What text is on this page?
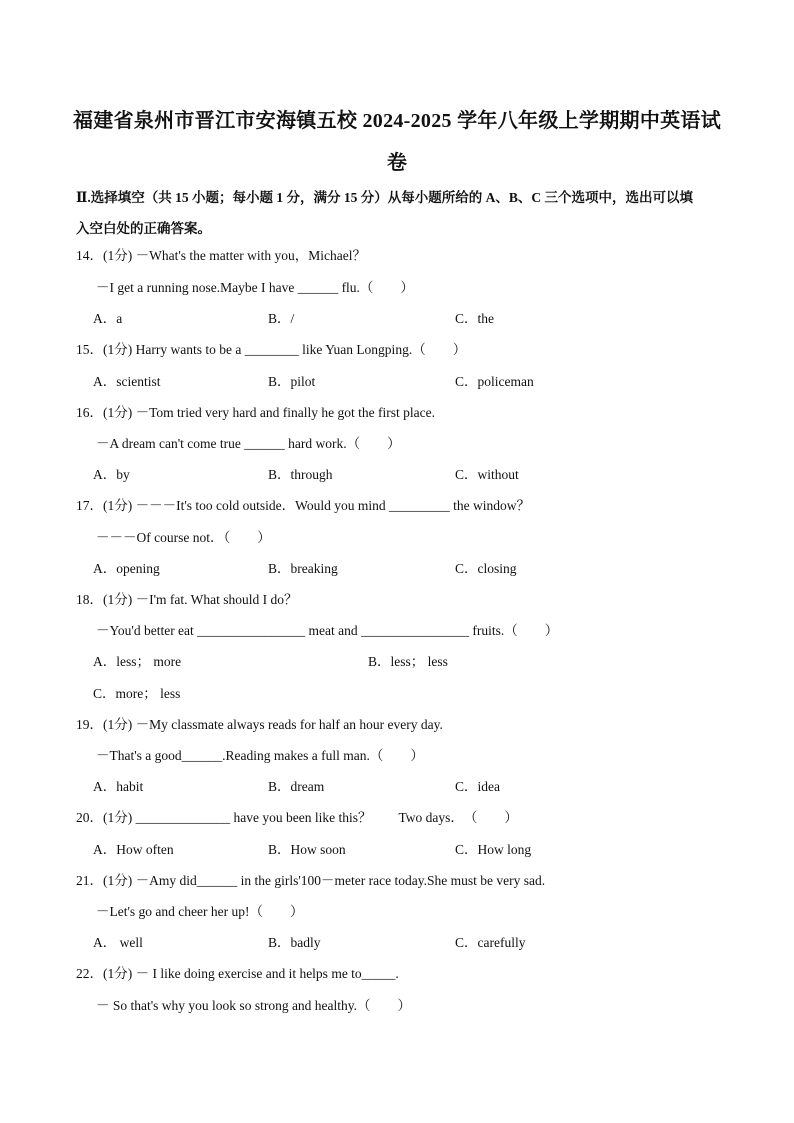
福建省泉州市晋江市安海镇五校 2024-2025 学年八年级上学期期中英语试
卷
Ⅱ.选择填空（共 15 小题；每小题 1 分，满分 15 分）从每小题所给的 A、B、C 三个选项中，选出可以填
入空白处的正确答案。
14．(1分) －What's the matter with you，Michael？
－I get a running nose.Maybe I have ______ flu.（　　）
A．a	B．/	C．the
15．(1分) Harry wants to be a ________ like Yuan Longping.（　　）
A．scientist	B．pilot	C．policeman
16．(1分) －Tom tried very hard and finally he got the first place.
－A dream can't come true ______ hard work.（　　）
A．by	B．through	C．without
17．(1分) －－－It's too cold outside．Would you mind _________ the window？
－－－Of course not．（　　）
A．opening	B．breaking	C．closing
18．(1分) －I'm fat. What should I do？
－You'd better eat ________________ meat and ________________ fruits.（　　）
A．less； more	B．less； less
C．more； less
19．(1分) －My classmate always reads for half an hour every day.
－That's a good______.Reading makes a full man.（　　）
A．habit	B．dream	C．idea
20．(1分) ______________ have you been like this？　　Two days．　（　　）
A．How often	B．How soon	C．How long
21．(1分) －Amy did______ in the girls'100－meter race today.She must be very sad.
－Let's go and cheer her up!（　　）
A． well	B．badly	C．carefully
22．(1分) － I like doing exercise and it helps me to_____.
－ So that's why you look so strong and healthy.（　　）
